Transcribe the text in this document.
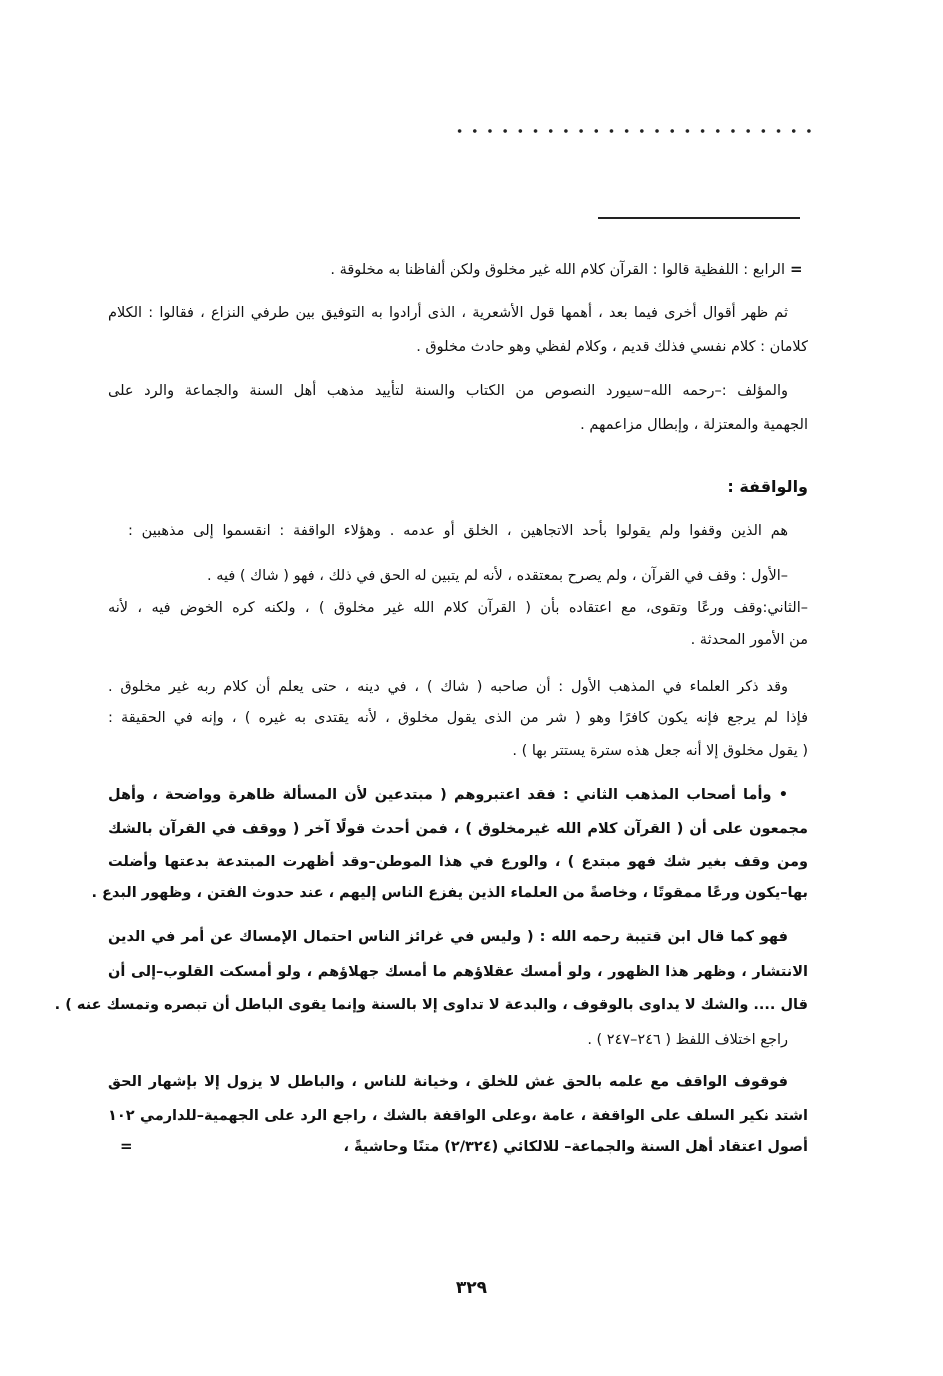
=
الرابع : اللفظية قالوا : القرآن كلام الله غير مخلوق ولكن ألفاظنا به مخلوقة .
ثم ظهر أقوال أخرى فيما بعد ، أهمها قول الأشعرية ، الذى أرادوا به التوفيق بين طرفي النزاع ، فقالوا : الكلام
كلامان : كلام نفسي فذلك قديم ، وكلام لفظي وهو حادث مخلوق .
والمؤلف :–رحمه الله–سيورد النصوص من الكتاب والسنة لتأييد مذهب أهل السنة والجماعة والرد على
الجهمية والمعتزلة ، وإبطال مزاعمهم .
والواقفة :
هم الذين وقفوا ولم يقولوا بأحد الاتجاهين ، الخلق أو عدمه . وهؤلاء الواقفة : انقسموا إلى مذهبين :
–الأول : وقف في القرآن ، ولم يصرح بمعتقده ، لأنه لم يتبين له الحق في ذلك ، فهو ( شاك ) فيه .
–الثاني:وقف ورعًا وتقوى، مع اعتقاده بأن ( القرآن كلام الله غير مخلوق ) ، ولكنه كره الخوض فيه ، لأنه
من الأمور المحدثة .
وقد ذكر العلماء في المذهب الأول : أن صاحبه ( شاك ) ، في دينه ، حتى يعلم أن كلام ربه غير مخلوق .
فإذا لم يرجع فإنه يكون كافرًا وهو ( شر من الذى يقول مخلوق ، لأنه يقتدى به غيره ) ، وإنه في الحقيقة :
( يقول مخلوق إلا أنه جعل هذه سترة يستتر بها ) .
• وأما أصحاب المذهب الثاني : فقد اعتبروهم ( مبتدعين لأن المسألة ظاهرة وواضحة ، وأهل
مجمعون على أن ( القرآن كلام الله غيرمخلوق ) ، فمن أحدث قولًا آخر ( ووقف في القرآن بالشك
ومن وقف بغير شك فهو مبتدع ) ، والورع في هذا الموطن–وقد أظهرت المبتدعة بدعتها وأضلت
بها–يكون ورعًا ممقوتًا ، وخاصةً من العلماء الذين يفزع الناس إليهم ، عند حدوث الفتن ، وظهور البدع .
فهو كما قال ابن قتيبة رحمه الله : ( وليس في غرائز الناس احتمال الإمساك عن أمر في الدين
الانتشار ، وظهر هذا الظهور ، ولو أمسك عقلاؤهم ما أمسك جهلاؤهم ، ولو أمسكت القلوب–إلى أن
قال .... والشك لا يداوى بالوقوف ، والبدعة لا تداوى إلا بالسنة وإنما يقوى الباطل أن تبصره وتمسك عنه ) .
راجع اختلاف اللفظ ( ٢٤٦–٢٤٧ ) .
فوقوف الواقف مع علمه بالحق غش للخلق ، وخيانة للناس ، والباطل لا يزول إلا بإشهار الحق
اشتد نكير السلف على الواقفة ، عامة ،وعلى الواقفة بالشك ، راجع الرد على الجهمية–للدارمي ١٠٢
أصول اعتقاد أهل السنة والجماعة– للالكائي (٢/٣٢٤) متنًا وحاشيةً ،
=
٣٢٩
